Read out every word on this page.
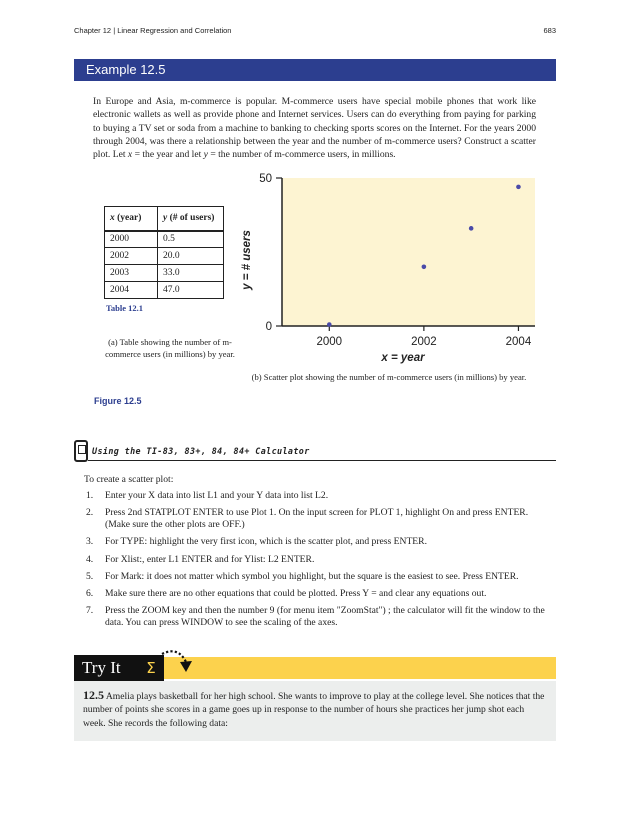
Chapter 12 | Linear Regression and Correlation	683
Example 12.5

In Europe and Asia, m-commerce is popular. M-commerce users have special mobile phones that work like electronic wallets as well as provide phone and Internet services. Users can do everything from paying for parking to buying a TV set or soda from a machine to banking to checking sports scores on the Internet. For the years 2000 through 2004, was there a relationship between the year and the number of m-commerce users? Construct a scatter plot. Let x = the year and let y = the number of m-commerce users, in millions.

x (year)	y (# of users)
2000	0.5
2002	20.0
2003	33.0
2004	47.0
Table 12.1
(a) Table showing the number of m-commerce users (in millions) by year.
0
50
2000	2002	2004
x = year
y = # users
(b) Scatter plot showing the number of m-commerce users (in millions) by year.
Figure 12.5
Using the TI-83, 83+, 84, 84+ Calculator
To create a scatter plot:
1. Enter your X data into list L1 and your Y data into list L2.
2. Press 2nd STATPLOT ENTER to use Plot 1. On the input screen for PLOT 1, highlight On and press ENTER. (Make sure the other plots are OFF.)
3. For TYPE: highlight the very first icon, which is the scatter plot, and press ENTER.
4. For Xlist:, enter L1 ENTER and for Ylist: L2 ENTER.
5. For Mark: it does not matter which symbol you highlight, but the square is the easiest to see. Press ENTER.
6. Make sure there are no other equations that could be plotted. Press Y = and clear any equations out.
7. Press the ZOOM key and then the number 9 (for menu item "ZoomStat") ; the calculator will fit the window to the data. You can press WINDOW to see the scaling of the axes.
Try It	Σ
12.5 Amelia plays basketball for her high school. She wants to improve to play at the college level. She notices that the number of points she scores in a game goes up in response to the number of hours she practices her jump shot each week. She records the following data:
